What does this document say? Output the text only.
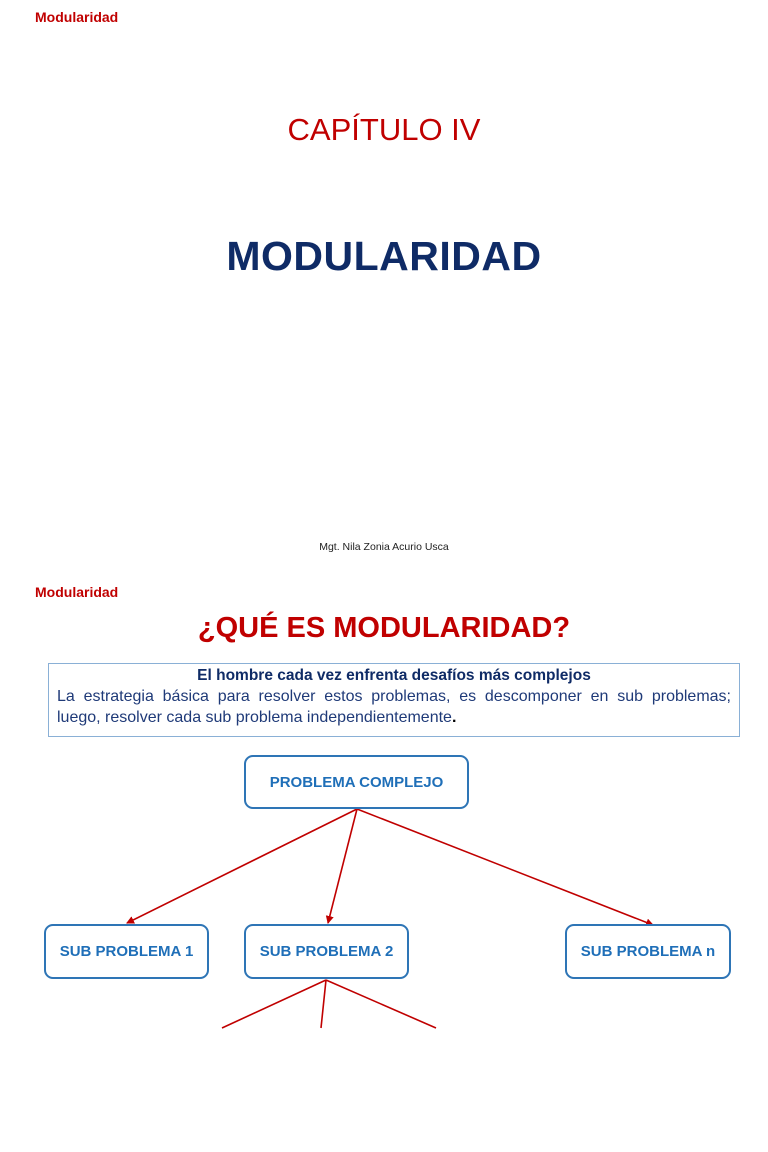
Modularidad
CAPÍTULO IV
MODULARIDAD
Mgt. Nila Zonia Acurio Usca
Modularidad
¿QUÉ ES MODULARIDAD?
El hombre cada vez enfrenta desafíos más complejos
La estrategia básica para resolver estos problemas, es descomponer en sub problemas; luego, resolver cada sub problema independientemente.
PROBLEMA COMPLEJO
SUB PROBLEMA 1	SUB PROBLEMA 2	SUB PROBLEMA n
